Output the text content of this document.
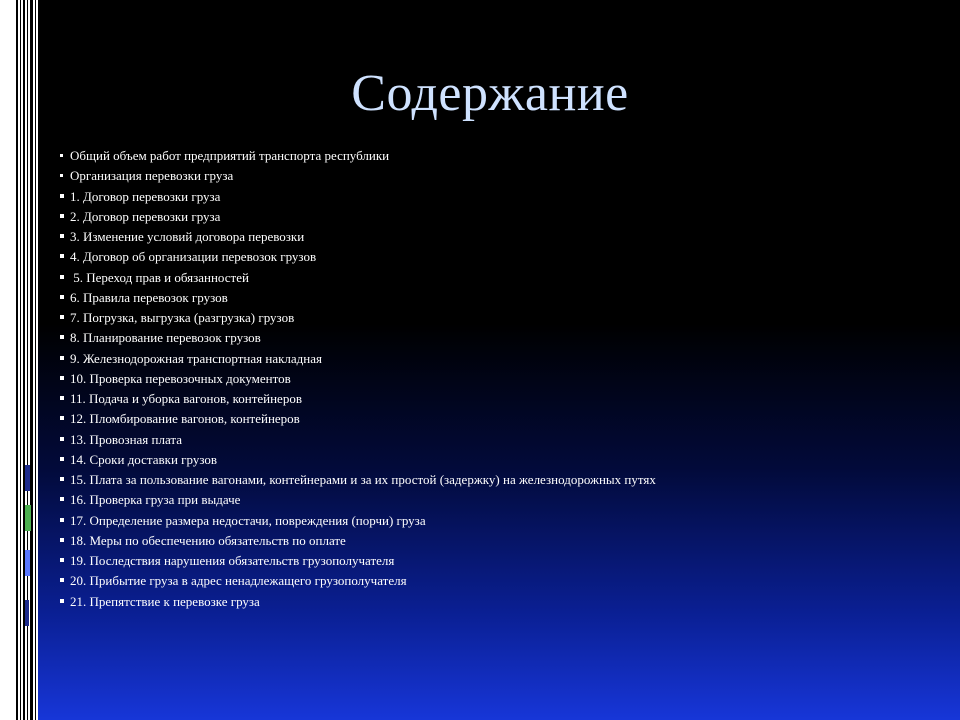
Содержание
Общий объем работ предприятий транспорта республики
Организация перевозки груза
1. Договор перевозки груза
2. Договор перевозки груза
3. Изменение условий договора перевозки
4. Договор об организации перевозок грузов
5. Переход прав и обязанностей
6. Правила перевозок грузов
7. Погрузка, выгрузка (разгрузка) грузов
8. Планирование перевозок грузов
9. Железнодорожная транспортная накладная
10. Проверка перевозочных документов
11. Подача и уборка вагонов, контейнеров
12. Пломбирование вагонов, контейнеров
13. Провозная плата
14. Сроки доставки грузов
15. Плата за пользование вагонами, контейнерами и за их простой (задержку) на железнодорожных путях
16. Проверка груза при выдаче
17. Определение размера недостачи, повреждения (порчи) груза
18. Меры по обеспечению обязательств по оплате
19. Последствия нарушения обязательств грузополучателя
20. Прибытие груза в адрес ненадлежащего грузополучателя
21. Препятствие к перевозке груза
